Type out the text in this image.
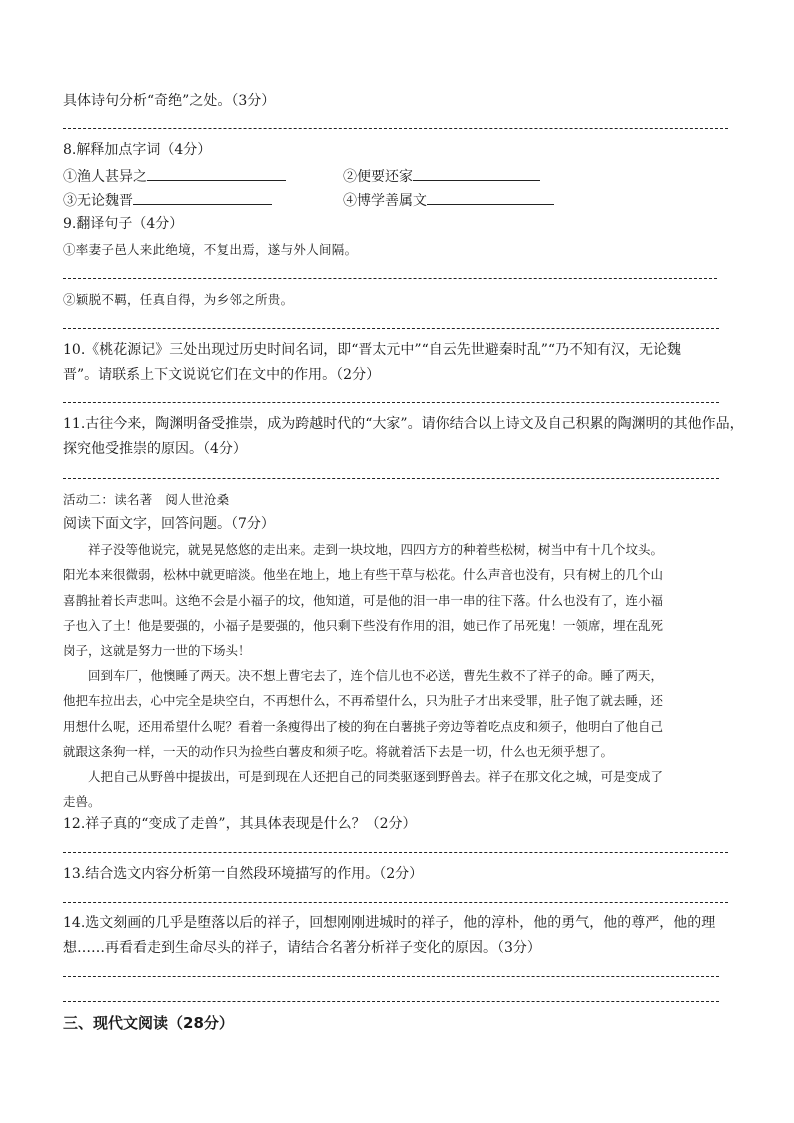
具体诗句分析“奇绝”之处。（3分）
8.解释加点字词（4分）
①渔人甚异之	②便要还家
③无论魏晋	④博学善属文
9.翻译句子（4分）
①率妻子邑人来此绝境，不复出焉，遂与外人间隔。
②颖脱不羁，任真自得，为乡邻之所贵。
10.《桃花源记》三处出现过历史时间名词，即“晋太元中”“自云先世避秦时乱”“乃不知有汉，无论魏
晋”。请联系上下文说说它们在文中的作用。（2分）
11.古往今来，陶渊明备受推崇，成为跨越时代的“大家”。请你结合以上诗文及自己积累的陶渊明的其他作品，
探究他受推崇的原因。（4分）
活动二：读名著　阅人世沧桑
阅读下面文字，回答问题。（7分）
　　祥子没等他说完，就晃晃悠悠的走出来。走到一块坟地，四四方方的种着些松树，树当中有十几个坟头。
阳光本来很微弱，松林中就更暗淡。他坐在地上，地上有些干草与松花。什么声音也没有，只有树上的几个山
喜鹊扯着长声悲叫。这绝不会是小福子的坟，他知道，可是他的泪一串一串的往下落。什么也没有了，连小福
子也入了土！他是要强的，小福子是要强的，他只剩下些没有作用的泪，她已作了吊死鬼！一领席，埋在乱死
岗子，这就是努力一世的下场头！
　　回到车厂，他懊睡了两天。决不想上曹宅去了，连个信儿也不必送，曹先生救不了祥子的命。睡了两天，
他把车拉出去，心中完全是块空白，不再想什么，不再希望什么，只为肚子才出来受罪，肚子饱了就去睡，还
用想什么呢，还用希望什么呢？看着一条瘦得出了棱的狗在白薯挑子旁边等着吃点皮和须子，他明白了他自己
就跟这条狗一样，一天的动作只为捡些白薯皮和须子吃。将就着活下去是一切，什么也无须乎想了。
　　人把自己从野兽中提拔出，可是到现在人还把自己的同类驱逐到野兽去。祥子在那文化之城，可是变成了
走兽。
12.祥子真的“变成了走兽”，其具体表现是什么？（2分）
13.结合选文内容分析第一自然段环境描写的作用。（2分）
14.选文刻画的几乎是堕落以后的祥子，回想刚刚进城时的祥子，他的淳朴，他的勇气，他的尊严，他的理
想……再看看走到生命尽头的祥子，请结合名著分析祥子变化的原因。（3分）
三、现代文阅读（28分）
